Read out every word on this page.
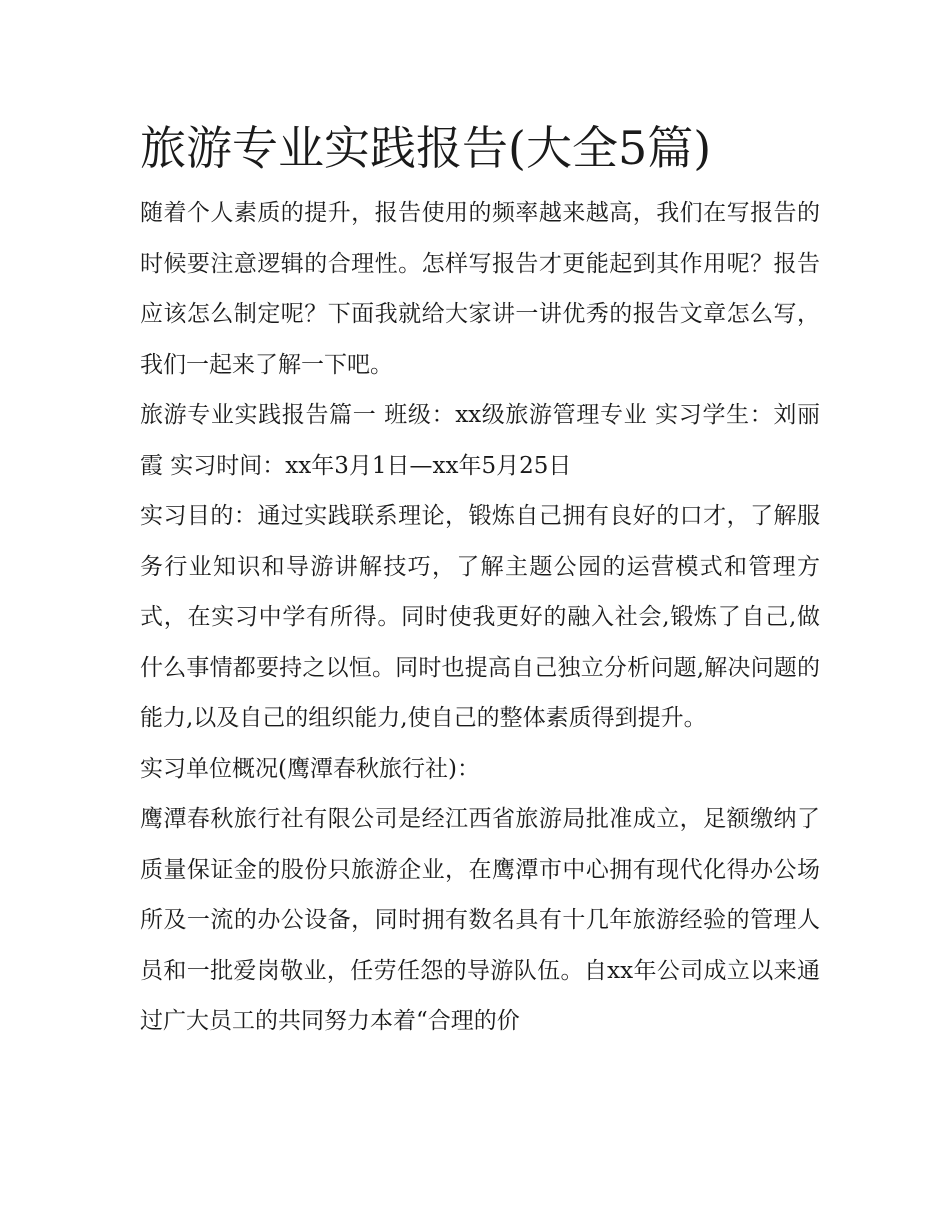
旅游专业实践报告(大全5篇)

随着个人素质的提升，报告使用的频率越来越高，我们在写报告的时候要注意逻辑的合理性。怎样写报告才更能起到其作用呢？报告应该怎么制定呢？下面我就给大家讲一讲优秀的报告文章怎么写，我们一起来了解一下吧。

旅游专业实践报告篇一 班级：xx级旅游管理专业 实习学生：刘丽霞 实习时间：xx年3月1日—xx年5月25日

实习目的：通过实践联系理论，锻炼自己拥有良好的口才，了解服务行业知识和导游讲解技巧，了解主题公园的运营模式和管理方式，在实习中学有所得。同时使我更好的融入社会,锻炼了自己,做什么事情都要持之以恒。同时也提高自己独立分析问题,解决问题的能力,以及自己的组织能力,使自己的整体素质得到提升。

实习单位概况(鹰潭春秋旅行社)：

鹰潭春秋旅行社有限公司是经江西省旅游局批准成立，足额缴纳了质量保证金的股份只旅游企业，在鹰潭市中心拥有现代化得办公场所及一流的办公设备，同时拥有数名具有十几年旅游经验的管理人员和一批爱岗敬业，任劳任怨的导游队伍。自xx年公司成立以来通过广大员工的共同努力本着“合理的价
